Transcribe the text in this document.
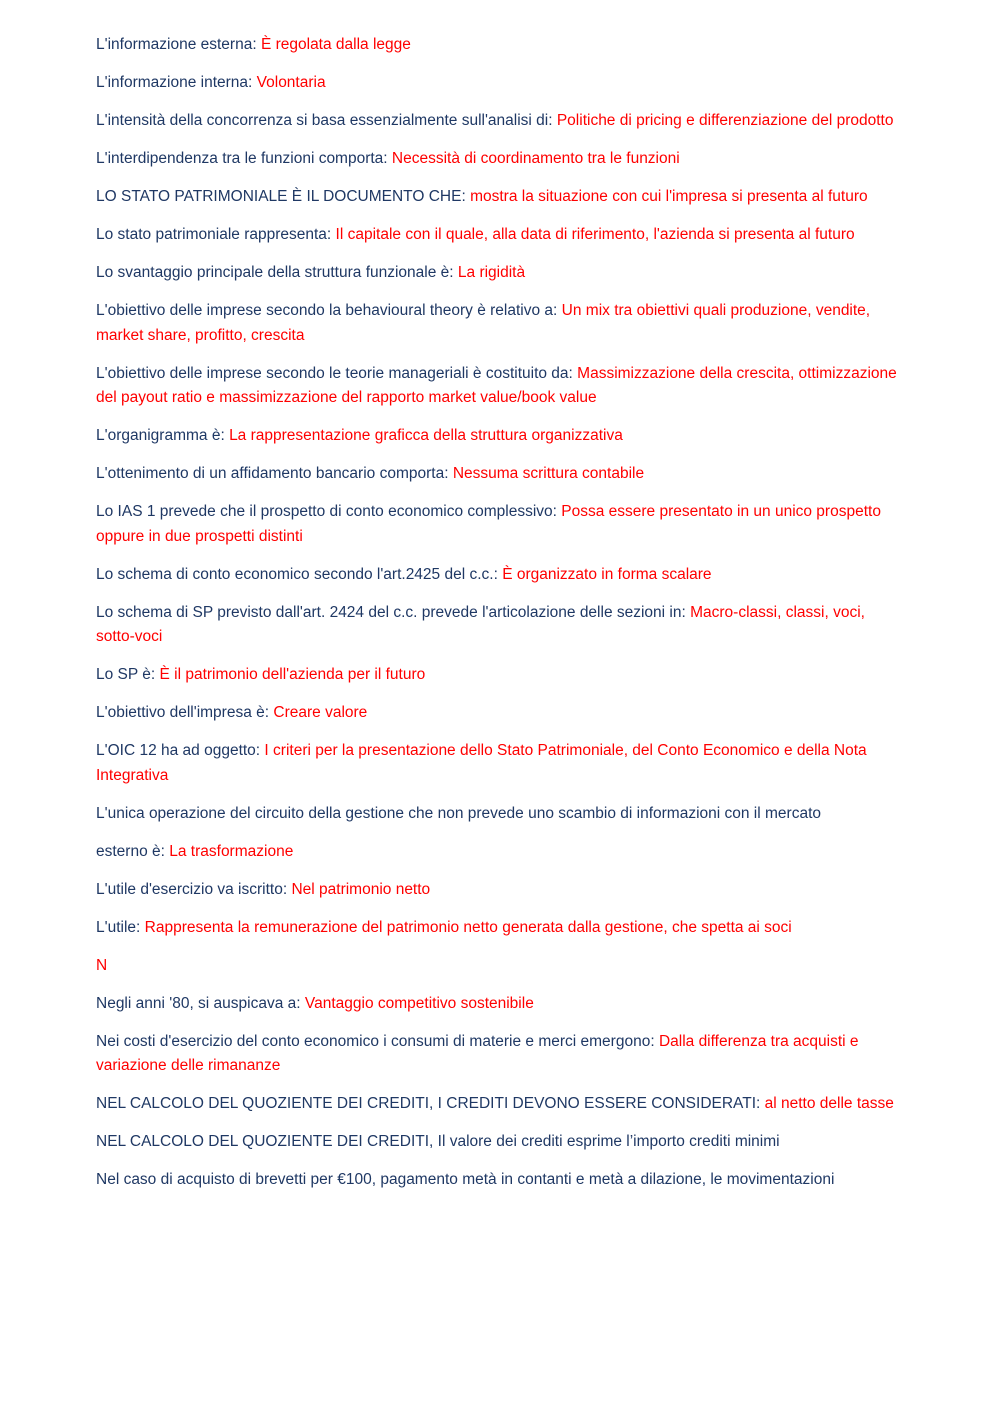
L'informazione esterna: È regolata dalla legge

L'informazione interna: Volontaria

L'intensità della concorrenza si basa essenzialmente sull'analisi di: Politiche di pricing e differenziazione del prodotto

L'interdipendenza tra le funzioni comporta: Necessità di coordinamento tra le funzioni

LO STATO PATRIMONIALE È IL DOCUMENTO CHE: mostra la situazione con cui l'impresa si presenta al futuro

Lo stato patrimoniale rappresenta: Il capitale con il quale, alla data di riferimento, l'azienda si presenta al futuro

Lo svantaggio principale della struttura funzionale è: La rigidità

L'obiettivo delle imprese secondo la behavioural theory è relativo a: Un mix tra obiettivi quali produzione, vendite, market share, profitto, crescita

L'obiettivo delle imprese secondo le teorie manageriali è costituito da: Massimizzazione della crescita, ottimizzazione del payout ratio e massimizzazione del rapporto market value/book value

L'organigramma è: La rappresentazione graficca della struttura organizzativa

L'ottenimento di un affidamento bancario comporta: Nessuma scrittura contabile

Lo IAS 1 prevede che il prospetto di conto economico complessivo: Possa essere presentato in un unico prospetto oppure in due prospetti distinti

Lo schema di conto economico secondo l'art.2425 del c.c.: È organizzato in forma scalare

Lo schema di SP previsto dall'art. 2424 del c.c. prevede l'articolazione delle sezioni in: Macro-classi, classi, voci, sotto-voci

Lo SP è: È il patrimonio dell'azienda per il futuro

L'obiettivo dell'impresa è: Creare valore

L'OIC 12 ha ad oggetto: I criteri per la presentazione dello Stato Patrimoniale, del Conto Economico e della Nota Integrativa

L'unica operazione del circuito della gestione che non prevede uno scambio di informazioni con il mercato

esterno è: La trasformazione

L'utile d'esercizio va iscritto: Nel patrimonio netto

L'utile: Rappresenta la remunerazione del patrimonio netto generata dalla gestione, che spetta ai soci

N

Negli anni '80, si auspicava a: Vantaggio competitivo sostenibile

Nei costi d'esercizio del conto economico i consumi di materie e merci emergono: Dalla differenza tra acquisti e variazione delle rimananze

NEL CALCOLO DEL QUOZIENTE DEI CREDITI, I CREDITI DEVONO ESSERE CONSIDERATI: al netto delle tasse

NEL CALCOLO DEL QUOZIENTE DEI CREDITI, Il valore dei crediti esprime l’importo crediti minimi

Nel caso di acquisto di brevetti per €100, pagamento metà in contanti e metà a dilazione, le movimentazioni
